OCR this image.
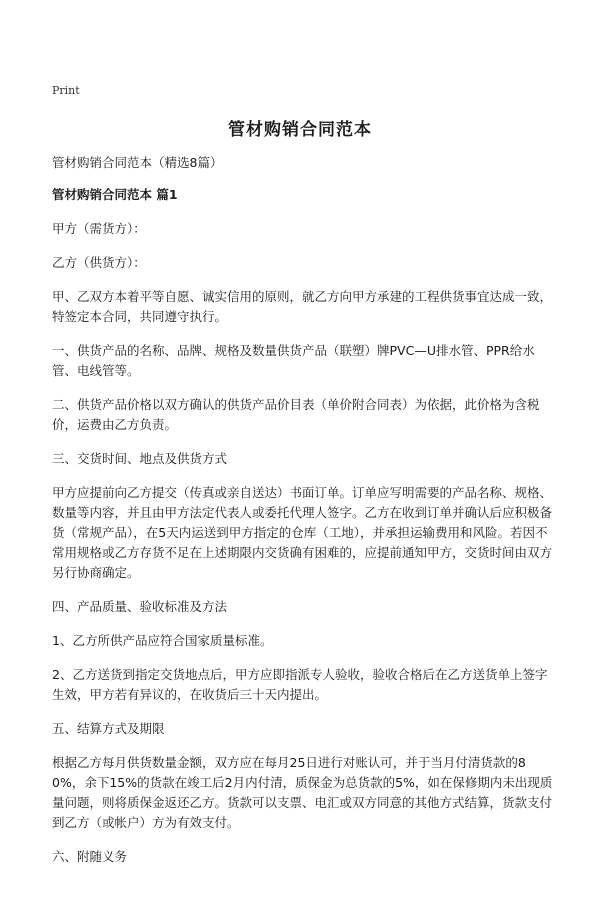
Print
管材购销合同范本

管材购销合同范本（精选8篇）

管材购销合同范本 篇1

甲方（需货方）：

乙方（供货方）：

甲、乙双方本着平等自愿、诚实信用的原则，就乙方向甲方承建的工程供货事宜达成一致，特签定本合同，共同遵守执行。

一、供货产品的名称、品牌、规格及数量供货产品（联塑）牌PVC—U排水管、PPR给水管、电线管等。

二、供货产品价格以双方确认的供货产品价目表（单价附合同表）为依据，此价格为含税价，运费由乙方负责。

三、交货时间、地点及供货方式

甲方应提前向乙方提交（传真或亲自送达）书面订单。订单应写明需要的产品名称、规格、数量等内容，并且由甲方法定代表人或委托代理人签字。乙方在收到订单并确认后应积极备货（常规产品），在5天内运送到甲方指定的仓库（工地），并承担运输费用和风险。若因不常用规格或乙方存货不足在上述期限内交货确有困难的，应提前通知甲方，交货时间由双方另行协商确定。

四、产品质量、验收标准及方法

1、乙方所供产品应符合国家质量标准。

2、乙方送货到指定交货地点后，甲方应即指派专人验收，验收合格后在乙方送货单上签字生效，甲方若有异议的，在收货后三十天内提出。

五、结算方式及期限

根据乙方每月供货数量金额，双方应在每月25日进行对账认可，并于当月付清货款的80%，余下15%的货款在竣工后2月内付清，质保金为总货款的5%，如在保修期内未出现质量问题，则将质保金返还乙方。货款可以支票、电汇或双方同意的其他方式结算，货款支付到乙方（或帐户）方为有效支付。

六、附随义务
